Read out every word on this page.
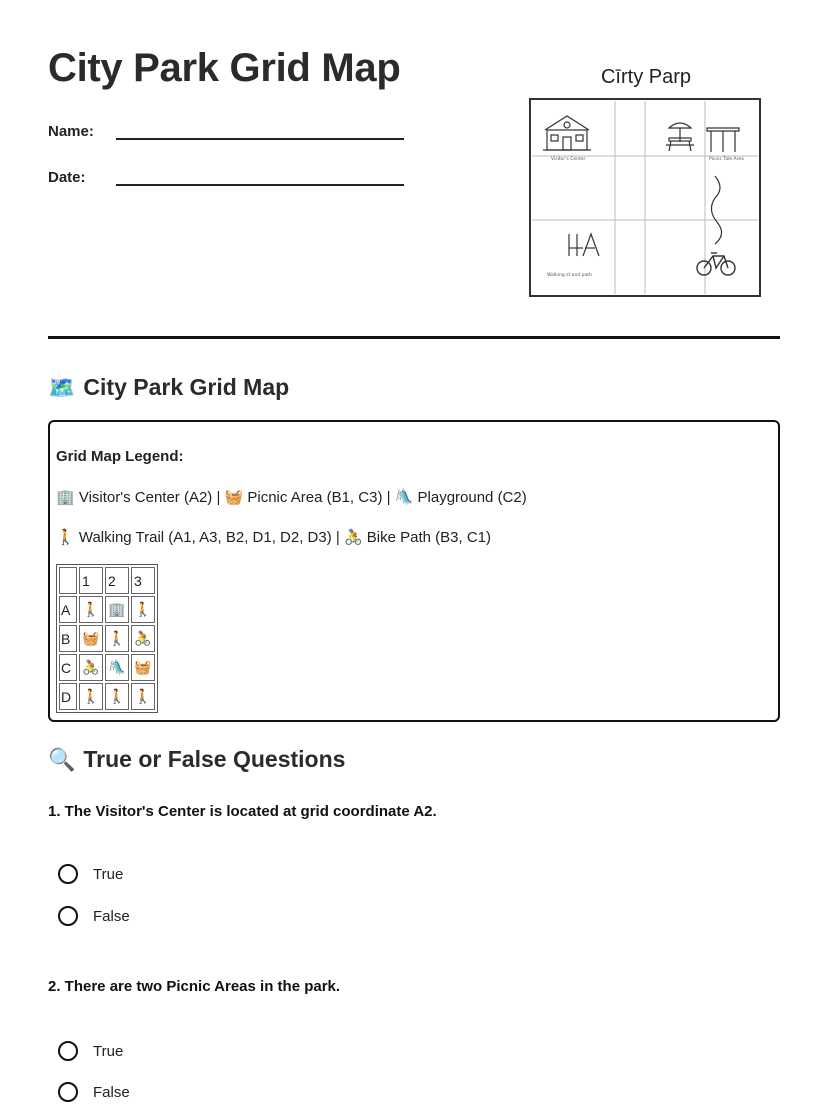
City Park Grid Map
Name:
Date:
Cīrty Parp
Visitor's Center	Picnic Tale Area
Walking st and path
🗺️ City Park Grid Map
Grid Map Legend:
🏢 Visitor's Center (A2) | 🧺 Picnic Area (B1, C3) | 🛝 Playground (C2)
🚶 Walking Trail (A1, A3, B2, D1, D2, D3) | 🚴 Bike Path (B3, C1)
	1	2	3
A	🚶	🏢	🚶
B	🧺	🚶	🚴
C	🚴	🛝	🧺
D	🚶	🚶	🚶
🔍 True or False Questions
1. The Visitor's Center is located at grid coordinate A2.
True
False
2. There are two Picnic Areas in the park.
True
False
